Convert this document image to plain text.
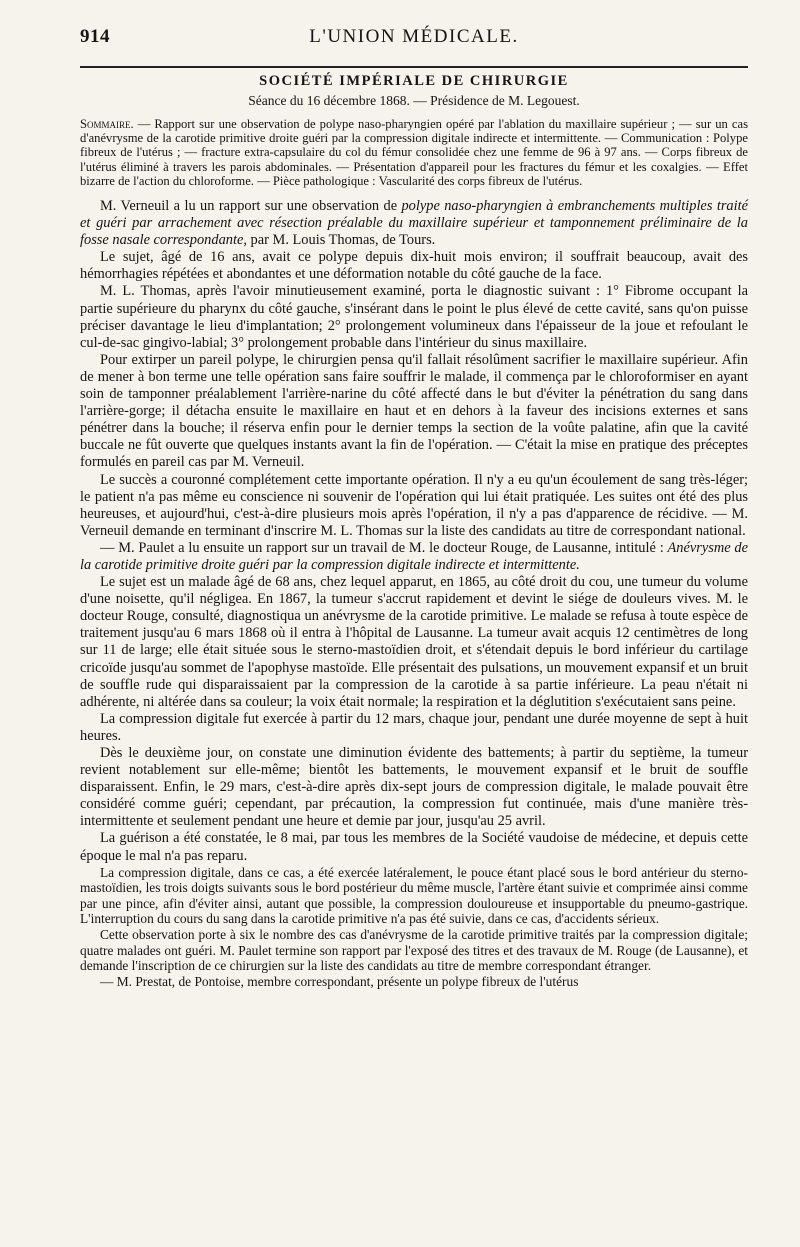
914	L'UNION MÉDICALE.
SOCIÉTÉ IMPÉRIALE DE CHIRURGIE
Séance du 16 décembre 1868. — Présidence de M. Legouest.
Sommaire. — Rapport sur une observation de polype naso-pharyngien opéré par l'ablation du maxillaire supérieur ; — sur un cas d'anévrysme de la carotide primitive droite guéri par la compression digitale indirecte et intermittente. — Communication : Polype fibreux de l'utérus ; — fracture extra-capsulaire du col du fémur consolidée chez une femme de 96 à 97 ans. — Corps fibreux de l'utérus éliminé à travers les parois abdominales. — Présentation d'appareil pour les fractures du fémur et les coxalgies. — Effet bizarre de l'action du chloroforme. — Pièce pathologique : Vascularité des corps fibreux de l'utérus.

M. Verneuil a lu un rapport sur une observation de polype naso-pharyngien à embranchements multiples traité et guéri par arrachement avec résection préalable du maxillaire supérieur et tamponnement préliminaire de la fosse nasale correspondante, par M. Louis Thomas, de Tours.

Le sujet, âgé de 16 ans, avait ce polype depuis dix-huit mois environ; il souffrait beaucoup, avait des hémorrhagies répétées et abondantes et une déformation notable du côté gauche de la face.

M. L. Thomas, après l'avoir minutieusement examiné, porta le diagnostic suivant : 1° Fibrome occupant la partie supérieure du pharynx du côté gauche, s'insérant dans le point le plus élevé de cette cavité, sans qu'on puisse préciser davantage le lieu d'implantation; 2° prolongement volumineux dans l'épaisseur de la joue et refoulant le cul-de-sac gingivo-labial; 3° prolongement probable dans l'intérieur du sinus maxillaire.

Pour extirper un pareil polype, le chirurgien pensa qu'il fallait résolûment sacrifier le maxillaire supérieur. Afin de mener à bon terme une telle opération sans faire souffrir le malade, il commença par le chloroformiser en ayant soin de tamponner préalablement l'arrière-narine du côté affecté dans le but d'éviter la pénétration du sang dans l'arrière-gorge; il détacha ensuite le maxillaire en haut et en dehors à la faveur des incisions externes et sans pénétrer dans la bouche; il réserva enfin pour le dernier temps la section de la voûte palatine, afin que la cavité buccale ne fût ouverte que quelques instants avant la fin de l'opération. — C'était la mise en pratique des préceptes formulés en pareil cas par M. Verneuil.

Le succès a couronné complétement cette importante opération. Il n'y a eu qu'un écoulement de sang très-léger; le patient n'a pas même eu conscience ni souvenir de l'opération qui lui était pratiquée. Les suites ont été des plus heureuses, et aujourd'hui, c'est-à-dire plusieurs mois après l'opération, il n'y a pas d'apparence de récidive. — M. Verneuil demande en terminant d'inscrire M. L. Thomas sur la liste des candidats au titre de correspondant national.

— M. Paulet a lu ensuite un rapport sur un travail de M. le docteur Rouge, de Lausanne, intitulé : Anévrysme de la carotide primitive droite guéri par la compression digitale indirecte et intermittente.

Le sujet est un malade âgé de 68 ans, chez lequel apparut, en 1865, au côté droit du cou, une tumeur du volume d'une noisette, qu'il négligea. En 1867, la tumeur s'accrut rapidement et devint le siége de douleurs vives. M. le docteur Rouge, consulté, diagnostiqua un anévrysme de la carotide primitive. Le malade se refusa à toute espèce de traitement jusqu'au 6 mars 1868 où il entra à l'hôpital de Lausanne. La tumeur avait acquis 12 centimètres de long sur 11 de large; elle était située sous le sterno-mastoïdien droit, et s'étendait depuis le bord inférieur du cartilage cricoïde jusqu'au sommet de l'apophyse mastoïde. Elle présentait des pulsations, un mouvement expansif et un bruit de souffle rude qui disparaissaient par la compression de la carotide à sa partie inférieure. La peau n'était ni adhérente, ni altérée dans sa couleur; la voix était normale; la respiration et la déglutition s'exécutaient sans peine.

La compression digitale fut exercée à partir du 12 mars, chaque jour, pendant une durée moyenne de sept à huit heures.

Dès le deuxième jour, on constate une diminution évidente des battements; à partir du septième, la tumeur revient notablement sur elle-même; bientôt les battements, le mouvement expansif et le bruit de souffle disparaissent. Enfin, le 29 mars, c'est-à-dire après dix-sept jours de compression digitale, le malade pouvait être considéré comme guéri; cependant, par précaution, la compression fut continuée, mais d'une manière très-intermittente et seulement pendant une heure et demie par jour, jusqu'au 25 avril.

La guérison a été constatée, le 8 mai, par tous les membres de la Société vaudoise de médecine, et depuis cette époque le mal n'a pas reparu.

La compression digitale, dans ce cas, a été exercée latéralement, le pouce étant placé sous le bord antérieur du sterno-mastoïdien, les trois doigts suivants sous le bord postérieur du même muscle, l'artère étant suivie et comprimée ainsi comme par une pince, afin d'éviter ainsi, autant que possible, la compression douloureuse et insupportable du pneumo-gastrique. L'interruption du cours du sang dans la carotide primitive n'a pas été suivie, dans ce cas, d'accidents sérieux.

Cette observation porte à six le nombre des cas d'anévrysme de la carotide primitive traités par la compression digitale; quatre malades ont guéri. M. Paulet termine son rapport par l'exposé des titres et des travaux de M. Rouge (de Lausanne), et demande l'inscription de ce chirurgien sur la liste des candidats au titre de membre correspondant étranger.

— M. Prestat, de Pontoise, membre correspondant, présente un polype fibreux de l'utérus
